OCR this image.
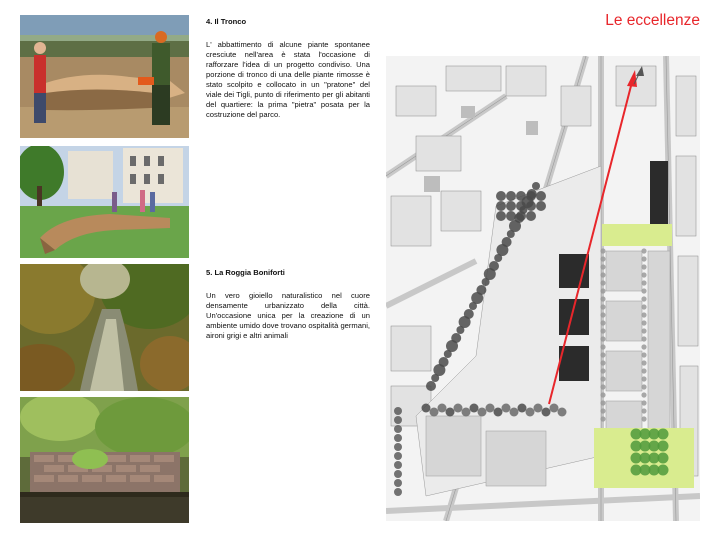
4. Il Tronco

L' abbattimento di alcune piante spontanee cresciute nell'area è stata l'occasione di rafforzare l'idea di un progetto condiviso. Una porzione di tronco di una delle piante rimosse è stato scolpito e collocato in un "pratone" del viale dei Tigli, punto di riferimento per gli abitanti del quartiere: la prima "pietra" posata per la costruzione del parco.

5. La Roggia Boniforti

Un vero gioiello naturalistico nel cuore densamente urbanizzato della città. Un'occasione unica per la creazione di un ambiente umido dove trovano ospitalità germani, aironi grigi e altri animali

Le eccellenze
